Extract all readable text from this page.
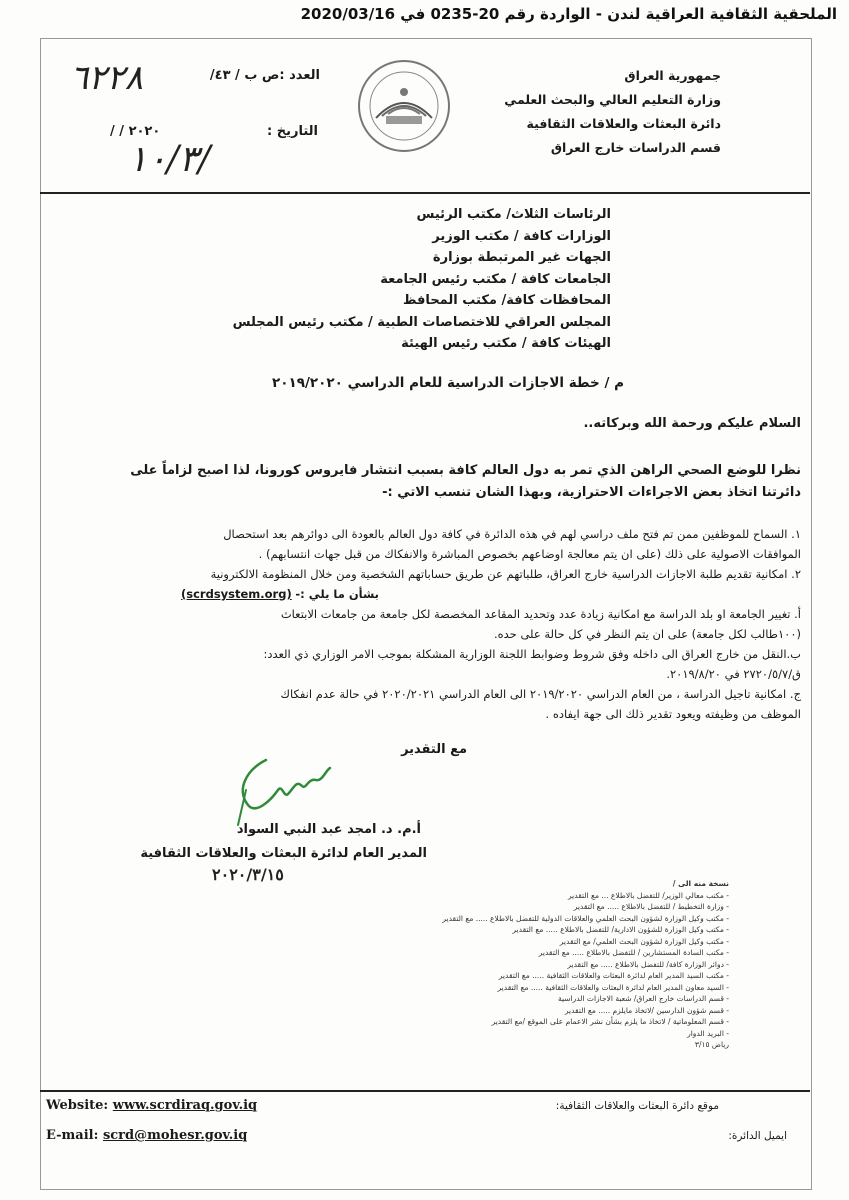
الملحقية الثقافية العراقية لندن - الواردة رقم 20-0235 في 2020/03/16
جمهورية العراق
وزارة التعليم العالي والبحث العلمي
دائرة البعثات والعلاقات الثقافية
قسم الدراسات خارج العراق
العدد :ص ب / ٤٣/
٦٢٢٨
التاريخ :
/ / ٢٠٢٠
١٠/٣/
الرئاسات الثلاث/ مكتب الرئيس
الوزارات كافة / مكتب الوزير
الجهات غير المرتبطة بوزارة
الجامعات كافة / مكتب رئيس الجامعة
المحافظات كافة/ مكتب المحافظ
المجلس العراقي للاختصاصات الطبية / مكتب رئيس المجلس
الهيئات كافة / مكتب رئيس الهيئة
م / خطة الاجازات الدراسية للعام الدراسي ٢٠١٩/٢٠٢٠
السلام عليكم ورحمة الله وبركاته..
نظرا للوضع الصحي الراهن الذي تمر به دول العالم كافة بسبب انتشار فايروس كورونا، لذا اصبح لزاماً على
دائرتنا اتخاذ بعض الاجراءات الاحترازية، وبهذا الشان تنسب الاتي :-
١. السماح للموظفين ممن تم فتح ملف دراسي لهم في هذه الدائرة في كافة دول العالم بالعودة الى دوائرهم بعد استحصال
الموافقات الاصولية على ذلك (على ان يتم معالجة اوضاعهم بخصوص المباشرة والانفكاك من قبل جهات انتسابهم) .
٢. امكانية تقديم طلبة الاجازات الدراسية خارج العراق، طلباتهم عن طريق حساباتهم الشخصية ومن خلال المنظومة الالكترونية
بشأن ما يلي :- (scrdsystem.org)
أ. تغيير الجامعة او بلد الدراسة مع امكانية زيادة عدد وتحديد المقاعد المخصصة لكل جامعة من جامعات الابتعاث
(١٠٠طالب لكل جامعة) على ان يتم النظر في كل حالة على حده.
ب.النقل من خارج العراق الى داخله وفق شروط وضوابط اللجنة الوزارية المشكلة بموجب الامر الوزاري ذي العدد:
ق/٢٧٢٠/٥/٧ في ٢٠١٩/٨/٢٠.
ج. امكانية تاجيل الدراسة ، من العام الدراسي ٢٠١٩/٢٠٢٠ الى العام الدراسي ٢٠٢٠/٢٠٢١ في حالة عدم انفكاك
الموظف من وظيفته ويعود تقدير ذلك الى جهة ايفاده .
مع التقدير
أ.م. د. امجد عبد النبي السواد
المدير العام لدائرة البعثات والعلاقات الثقافية
٢٠٢٠/٣/١٥	نسخة منه الى /
- مكتب معالي الوزير/ للتفضل بالاطلاع ... مع التقدير
- وزارة التخطيط / للتفضل بالاطلاع ..... مع التقدير
- مكتب وكيل الوزارة لشؤون البحث العلمي والعلاقات الدولية للتفضل بالاطلاع ..... مع التقدير
- مكتب وكيل الوزارة للشؤون الادارية/ للتفضل بالاطلاع ..... مع التقدير
- مكتب وكيل الوزارة لشؤون البحث العلمي/ مع التقدير
- مكتب السادة المستشارين / للتفضل بالاطلاع ..... مع التقدير
- دوائر الوزارة كافة/ للتفضل بالاطلاع ..... مع التقدير
- مكتب السيد المدير العام لدائرة البعثات والعلاقات الثقافية ..... مع التقدير
- السيد معاون المدير العام لدائرة البعثات والعلاقات الثقافية ..... مع التقدير
- قسم الدراسات خارج العراق/ شعبة الاجازات الدراسية
- قسم شؤون الدارسين /لاتخاذ مايلزم ..... مع التقدير
- قسم المعلوماتية / لاتخاذ ما يلزم بشأن نشر الاعمام على الموقع /مع التقدير
- البريد الدوار
رياض ٣/١٥
Website: www.scrdiraq.gov.iq
E-mail: scrd@mohesr.gov.iq
موقع دائرة البعثات والعلاقات الثقافية:
ايميل الدائرة:
